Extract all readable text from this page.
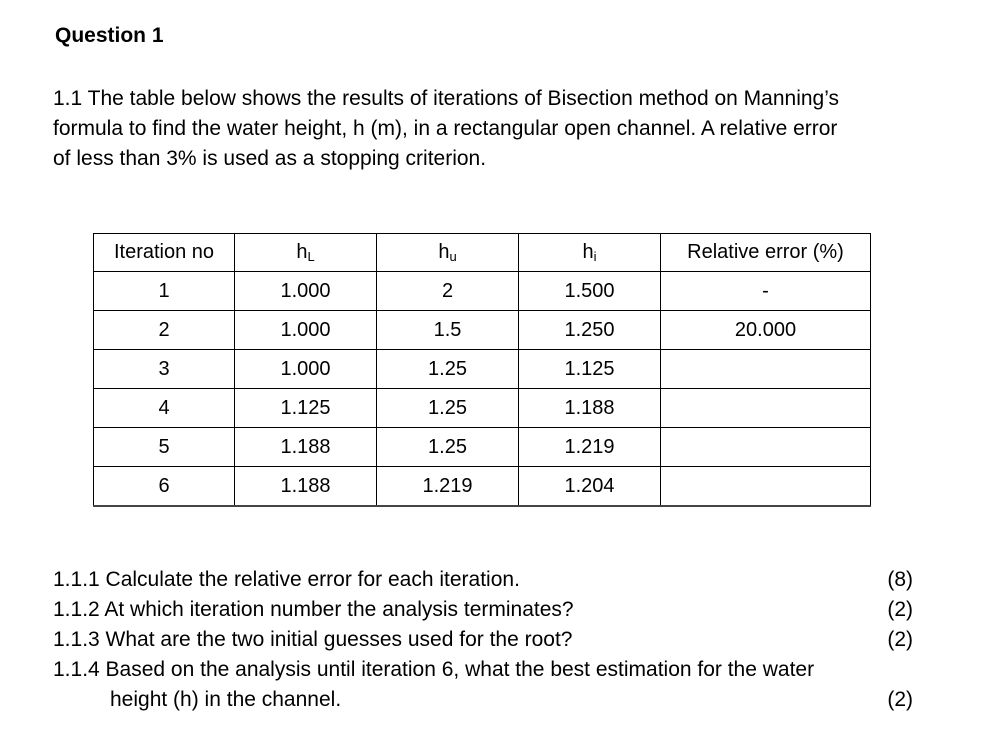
Question 1
1.1 The table below shows the results of iterations of Bisection method on Manning’s
formula to find the water height, h (m), in a rectangular open channel. A relative error
of less than 3% is used as a stopping criterion.
Iteration no	$h_L$	$h_u$	$h_i$	Relative error (%)
1	1.000	2	1.500	-
2	1.000	1.5	1.250	20.000
3	1.000	1.25	1.125	
4	1.125	1.25	1.188	
5	1.188	1.25	1.219	
6	1.188	1.219	1.204	
1.1.1 Calculate the relative error for each iteration.	(8)
1.1.2 At which iteration number the analysis terminates?	(2)
1.1.3 What are the two initial guesses used for the root?	(2)
1.1.4 Based on the analysis until iteration 6, what the best estimation for the water
height (h) in the channel.	(2)
